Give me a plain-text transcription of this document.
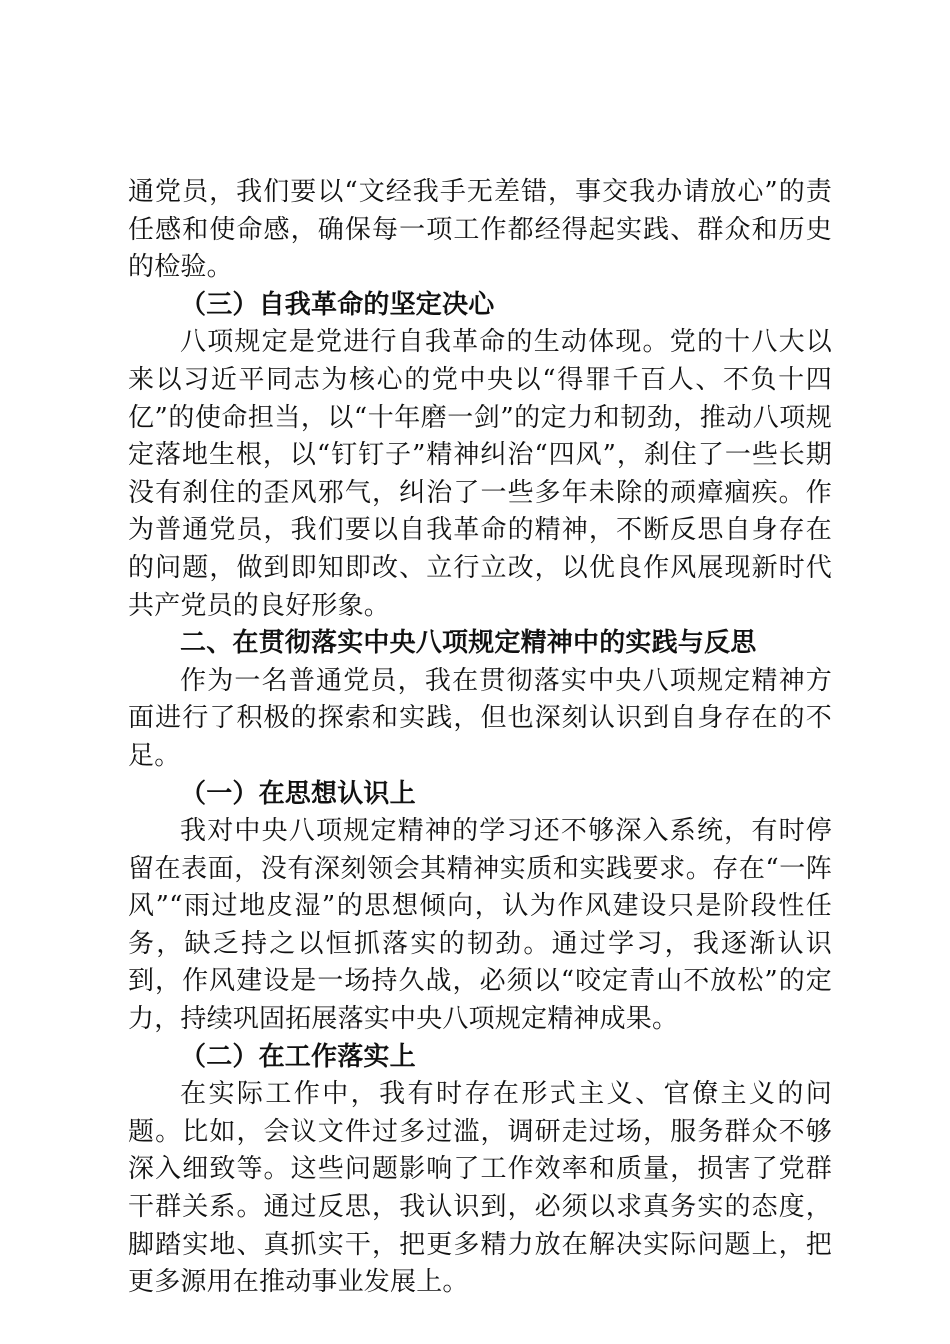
通党员，我们要以“文经我手无差错，事交我办请放心”的责任感和使命感，确保每一项工作都经得起实践、群众和历史的检验。

（三）自我革命的坚定决心

八项规定是党进行自我革命的生动体现。党的十八大以来以习近平同志为核心的党中央以“得罪千百人、不负十四亿”的使命担当，以“十年磨一剑”的定力和韧劲，推动八项规定落地生根，以“钉钉子”精神纠治“四风”，刹住了一些长期没有刹住的歪风邪气，纠治了一些多年未除的顽瘴痼疾。作为普通党员，我们要以自我革命的精神，不断反思自身存在的问题，做到即知即改、立行立改，以优良作风展现新时代共产党员的良好形象。

二、在贯彻落实中央八项规定精神中的实践与反思

作为一名普通党员，我在贯彻落实中央八项规定精神方面进行了积极的探索和实践，但也深刻认识到自身存在的不足。

（一）在思想认识上

我对中央八项规定精神的学习还不够深入系统，有时停留在表面，没有深刻领会其精神实质和实践要求。存在“一阵风”“雨过地皮湿”的思想倾向，认为作风建设只是阶段性任务，缺乏持之以恒抓落实的韧劲。通过学习，我逐渐认识到，作风建设是一场持久战，必须以“咬定青山不放松”的定力，持续巩固拓展落实中央八项规定精神成果。

（二）在工作落实上

在实际工作中，我有时存在形式主义、官僚主义的问题。比如，会议文件过多过滥，调研走过场，服务群众不够深入细致等。这些问题影响了工作效率和质量，损害了党群干群关系。通过反思，我认识到，必须以求真务实的态度，脚踏实地、真抓实干，把更多精力放在解决实际问题上，把更多源用在推动事业发展上。
